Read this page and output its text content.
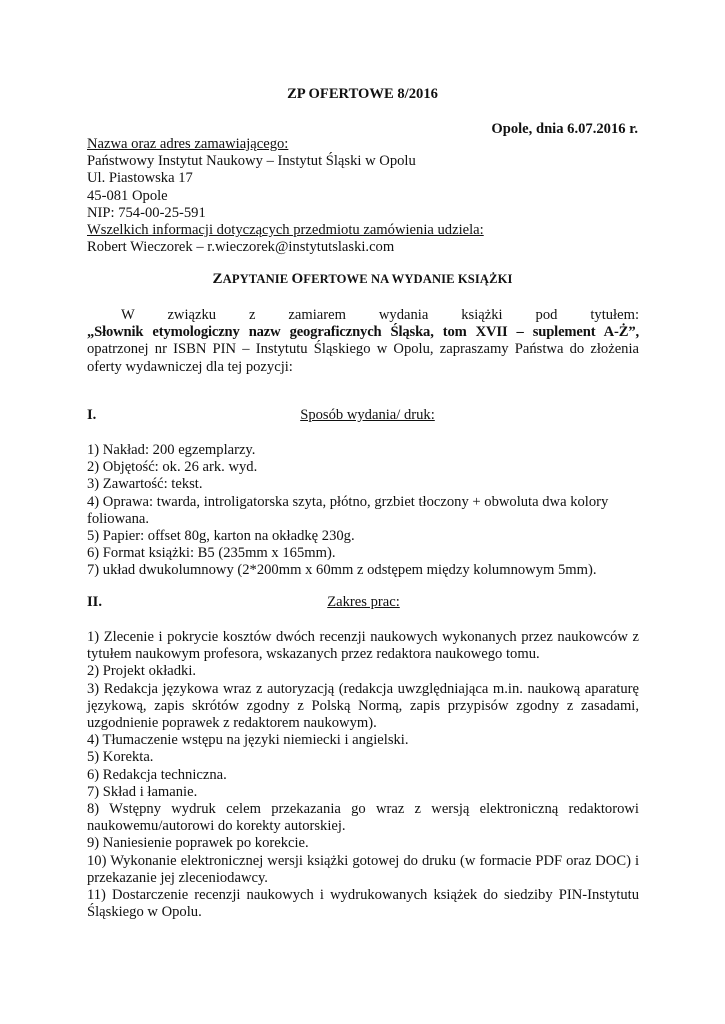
ZP OFERTOWE 8/2016
Opole, dnia 6.07.2016 r.
Nazwa oraz adres zamawiającego:
Państwowy Instytut Naukowy – Instytut Śląski w Opolu
Ul. Piastowska 17
45-081 Opole
NIP: 754-00-25-591
Wszelkich informacji dotyczących przedmiotu zamówienia udziela:
Robert Wieczorek – r.wieczorek@instytutslaski.com
ZAPYTANIE OFERTOWE NA WYDANIE KSIĄŻKI
W związku z zamiarem wydania książki pod tytułem:

„Słownik etymologiczny nazw geograficznych Śląska, tom XVII – suplement A-Ż”,

opatrzonej nr ISBN PIN – Instytutu Śląskiego w Opolu, zapraszamy Państwa do złożenia oferty wydawniczej dla tej pozycji:

I.	Sposób wydania/ druk:

1) Nakład: 200 egzemplarzy.

2) Objętość: ok. 26 ark. wyd.

3) Zawartość: tekst.

4) Oprawa: twarda, introligatorska szyta, płótno, grzbiet tłoczony + obwoluta dwa kolory foliowana.

5) Papier: offset 80g, karton na okładkę 230g.

6) Format książki: B5 (235mm x 165mm).

7) układ dwukolumnowy (2*200mm x 60mm z odstępem między kolumnowym 5mm).

II.	Zakres prac:

1) Zlecenie i pokrycie kosztów dwóch recenzji naukowych wykonanych przez naukowców z tytułem naukowym profesora, wskazanych przez redaktora naukowego tomu.

2) Projekt okładki.

3) Redakcja językowa wraz z autoryzacją (redakcja uwzględniająca m.in. naukową aparaturę językową, zapis skrótów zgodny z Polską Normą, zapis przypisów zgodny z zasadami, uzgodnienie poprawek z redaktorem naukowym).

4) Tłumaczenie wstępu na języki niemiecki i angielski.

5) Korekta.

6) Redakcja techniczna.

7) Skład i łamanie.

8) Wstępny wydruk celem przekazania go wraz z wersją elektroniczną redaktorowi naukowemu/autorowi do korekty autorskiej.

9) Naniesienie poprawek po korekcie.

10) Wykonanie elektronicznej wersji książki gotowej do druku (w formacie PDF oraz DOC) i przekazanie jej zleceniodawcy.

11) Dostarczenie recenzji naukowych i wydrukowanych książek do siedziby PIN-Instytutu Śląskiego w Opolu.
